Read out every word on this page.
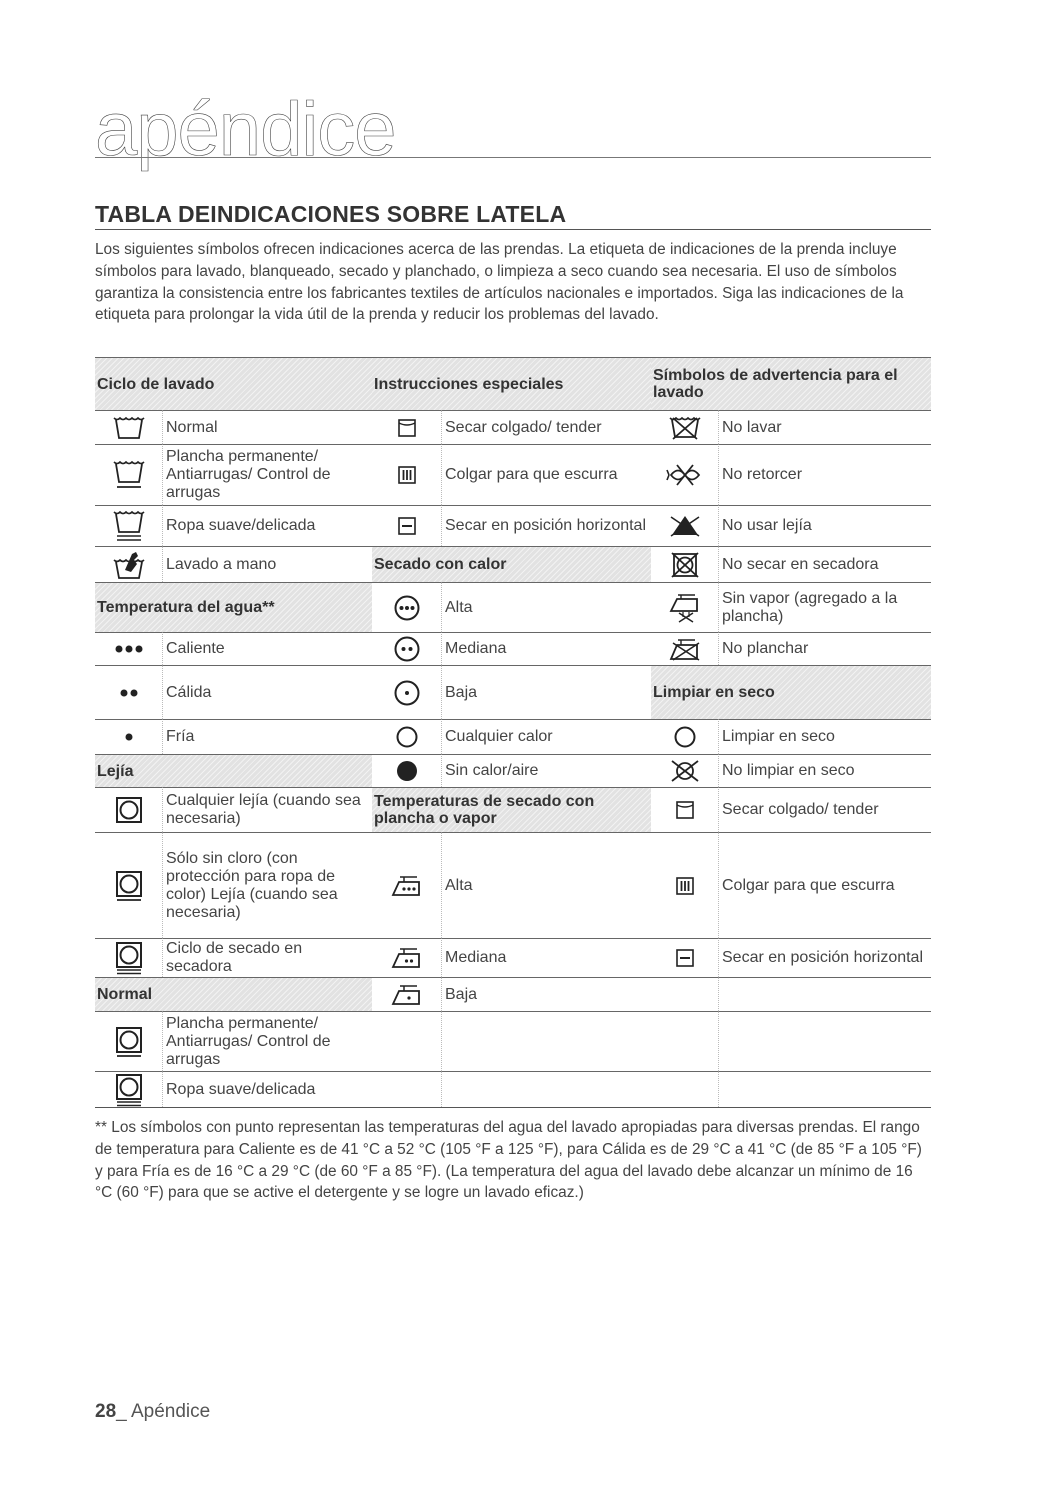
apéndice
TABLA DEINDICACIONES SOBRE LATELA
Los siguientes símbolos ofrecen indicaciones acerca de las prendas. La etiqueta de indicaciones de la prenda incluye símbolos para lavado, blanqueado, secado y planchado, o limpieza a seco cuando sea necesaria. El uso de símbolos garantiza la consistencia entre los fabricantes textiles de artículos nacionales e importados. Siga las indicaciones de la etiqueta para prolongar la vida útil de la prenda y reducir los problemas del lavado.
Ciclo de lavado
Normal
Plancha permanente/ Antiarrugas/ Control de arrugas
Ropa suave/delicada
Lavado a mano
Temperatura del agua**
Caliente
Cálida
Fría
Lejía
Cualquier lejía (cuando sea necesaria)
Sólo sin cloro (con protección para ropa de color) Lejía (cuando sea necesaria)
Ciclo de secado en secadora
Normal
Plancha permanente/ Antiarrugas/ Control de arrugas
Ropa suave/delicada
Instrucciones especiales
Secar colgado/ tender
Colgar para que escurra
Secar en posición horizontal
Secado con calor
Alta
Mediana
Baja
Cualquier calor
Sin calor/aire
Temperaturas de secado con plancha o vapor
Alta
Mediana
Baja
Símbolos de advertencia para el lavado
No lavar
No retorcer
No usar lejía
No secar en secadora
Sin vapor (agregado a la plancha)
No planchar
Limpiar en seco
Limpiar en seco
No limpiar en seco
Secar colgado/ tender
Colgar para que escurra
Secar en posición horizontal
** Los símbolos con punto representan las temperaturas del agua del lavado apropiadas para diversas prendas. El rango de temperatura para Caliente es de 41 °C a 52 °C (105 °F a 125 °F), para Cálida es de 29 °C a 41 °C (de 85 °F a 105 °F) y para Fría es de 16 °C a 29 °C (de 60 °F a 85 °F). (La temperatura del agua del lavado debe alcanzar un mínimo de 16 °C (60 °F) para que se active el detergente y se logre un lavado eficaz.)
28_ Apéndice
